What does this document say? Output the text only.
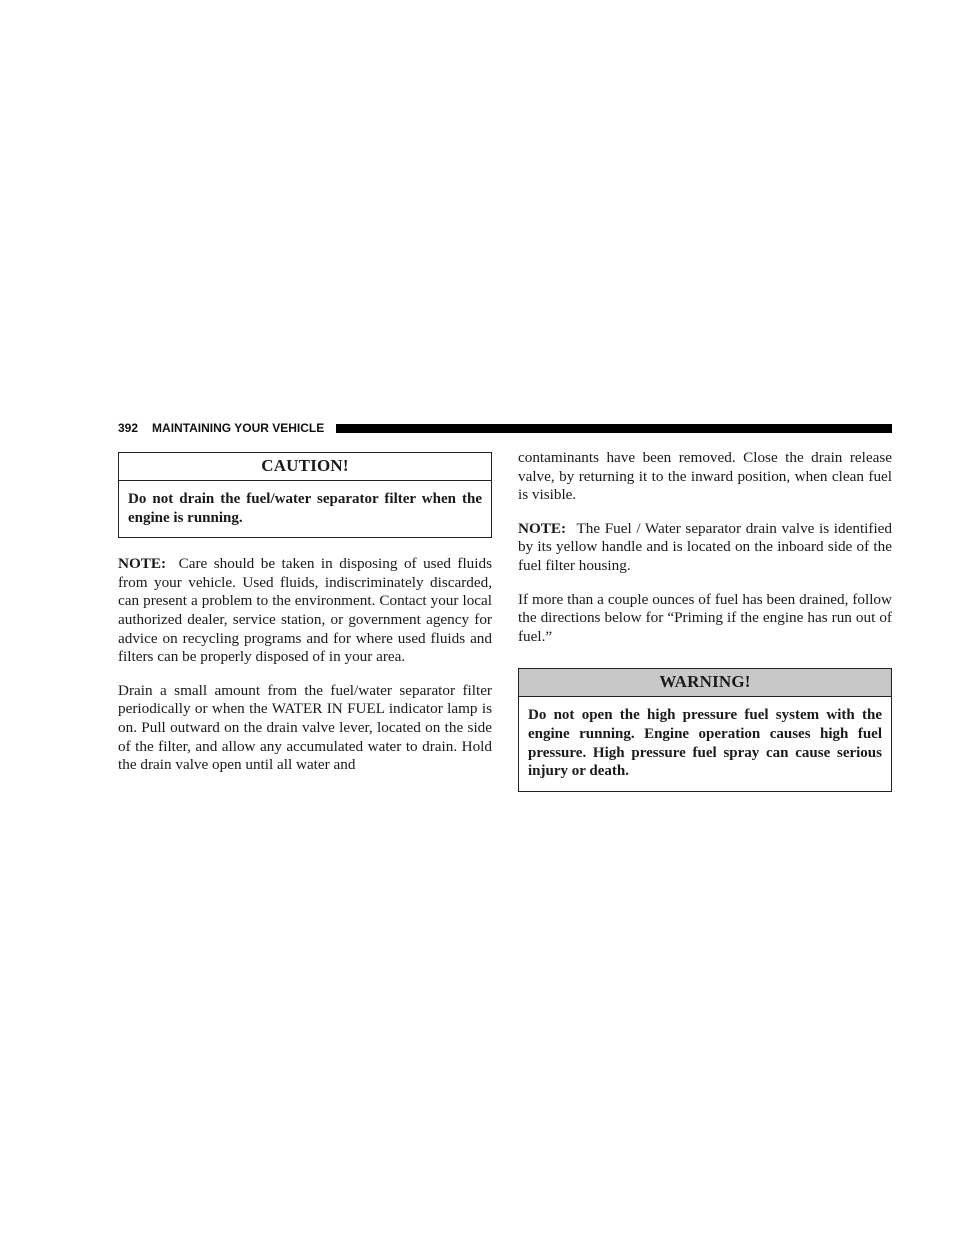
392 MAINTAINING YOUR VEHICLE
CAUTION!
Do not drain the fuel/water separator filter when the engine is running.

NOTE: Care should be taken in disposing of used fluids from your vehicle. Used fluids, indiscriminately discarded, can present a problem to the environment. Contact your local authorized dealer, service station, or government agency for advice on recycling programs and for where used fluids and filters can be properly disposed of in your area.

Drain a small amount from the fuel/water separator filter periodically or when the WATER IN FUEL indicator lamp is on. Pull outward on the drain valve lever, located on the side of the filter, and allow any accumulated water to drain. Hold the drain valve open until all water and

contaminants have been removed. Close the drain release valve, by returning it to the inward position, when clean fuel is visible.

NOTE: The Fuel / Water separator drain valve is identified by its yellow handle and is located on the inboard side of the fuel filter housing.

If more than a couple ounces of fuel has been drained, follow the directions below for “Priming if the engine has run out of fuel.”

WARNING!
Do not open the high pressure fuel system with the engine running. Engine operation causes high fuel pressure. High pressure fuel spray can cause serious injury or death.
